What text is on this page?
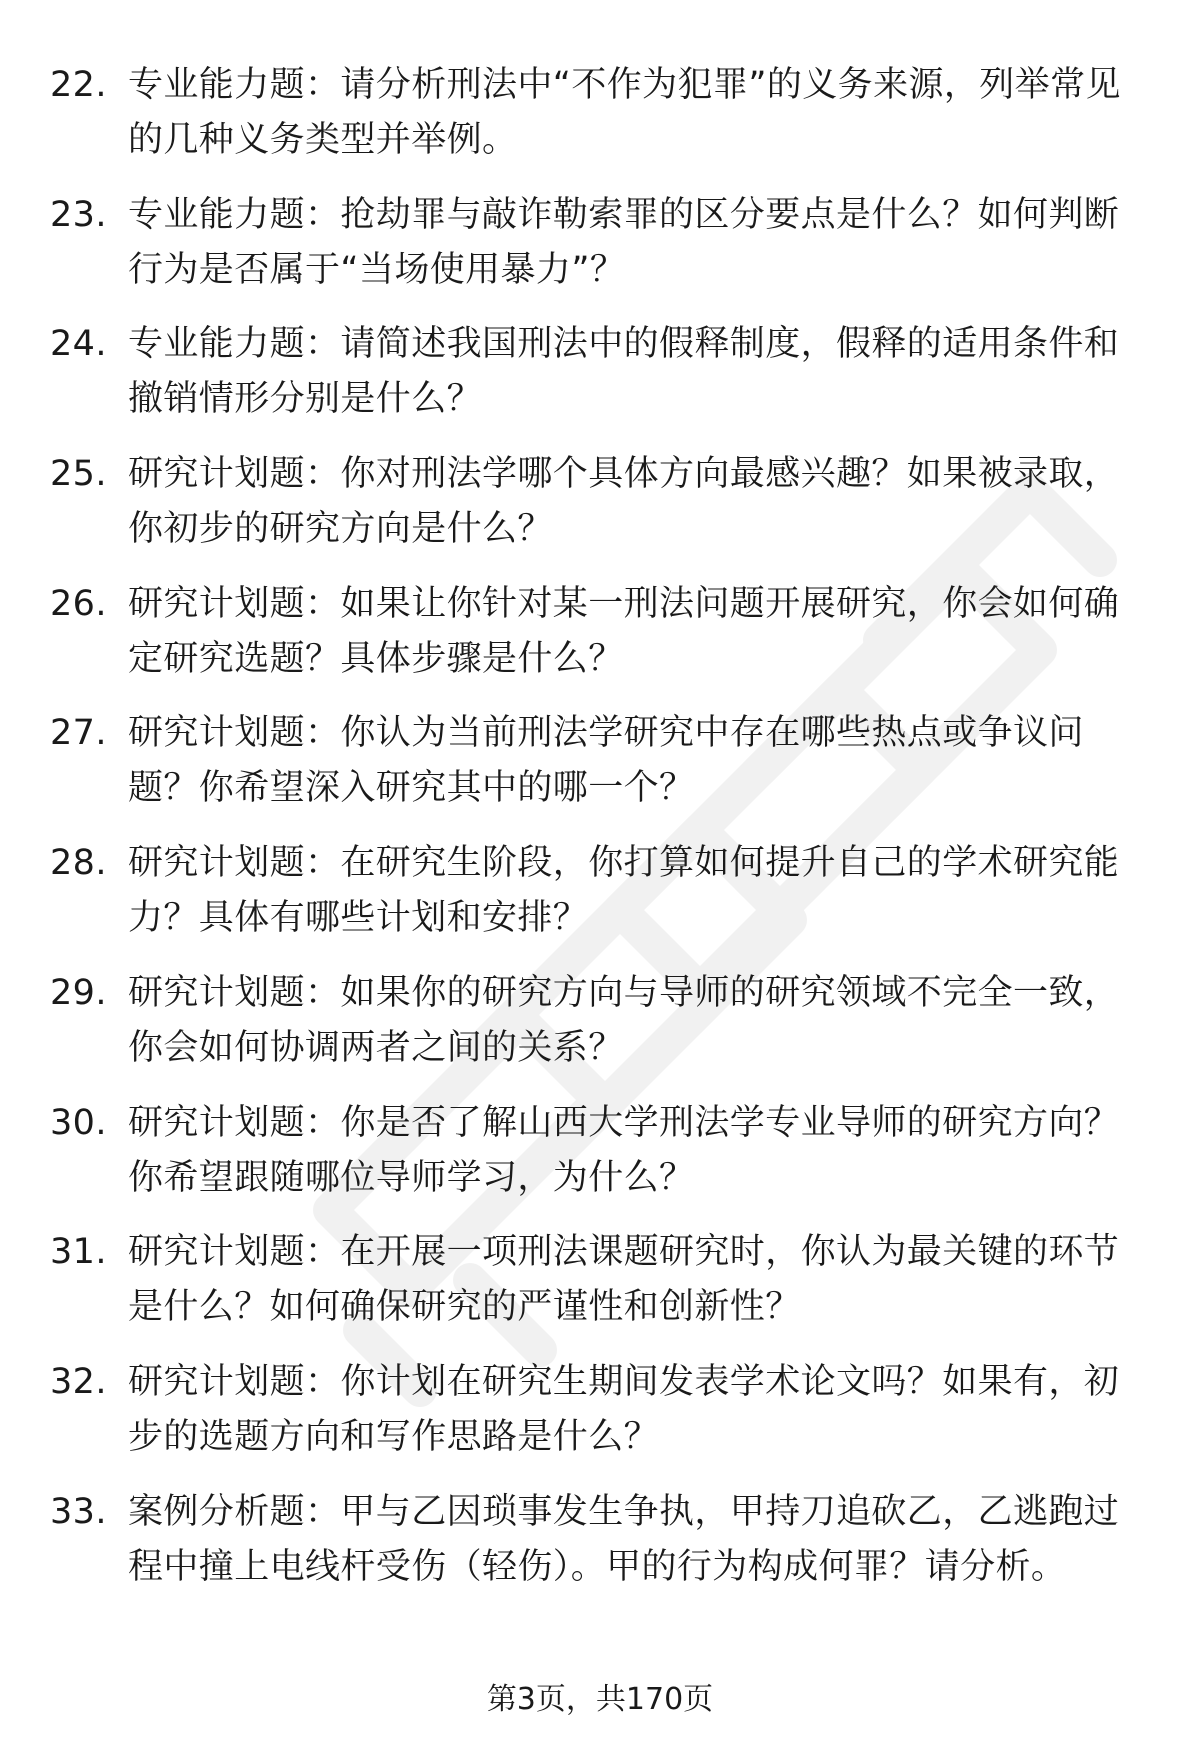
22. 专业能力题：请分析刑法中“不作为犯罪”的义务来源，列举常见的几种义务类型并举例。
23. 专业能力题：抢劫罪与敲诈勒索罪的区分要点是什么？如何判断行为是否属于“当场使用暴力”？
24. 专业能力题：请简述我国刑法中的假释制度，假释的适用条件和撤销情形分别是什么？
25. 研究计划题：你对刑法学哪个具体方向最感兴趣？如果被录取，你初步的研究方向是什么？
26. 研究计划题：如果让你针对某一刑法问题开展研究，你会如何确定研究选题？具体步骤是什么？
27. 研究计划题：你认为当前刑法学研究中存在哪些热点或争议问题？你希望深入研究其中的哪一个？
28. 研究计划题：在研究生阶段，你打算如何提升自己的学术研究能力？具体有哪些计划和安排？
29. 研究计划题：如果你的研究方向与导师的研究领域不完全一致，你会如何协调两者之间的关系？
30. 研究计划题：你是否了解山西大学刑法学专业导师的研究方向？你希望跟随哪位导师学习，为什么？
31. 研究计划题：在开展一项刑法课题研究时，你认为最关键的环节是什么？如何确保研究的严谨性和创新性？
32. 研究计划题：你计划在研究生期间发表学术论文吗？如果有，初步的选题方向和写作思路是什么？
33. 案例分析题：甲与乙因琐事发生争执，甲持刀追砍乙，乙逃跑过程中撞上电线杆受伤（轻伤）。甲的行为构成何罪？请分析。
第3页，共170页
